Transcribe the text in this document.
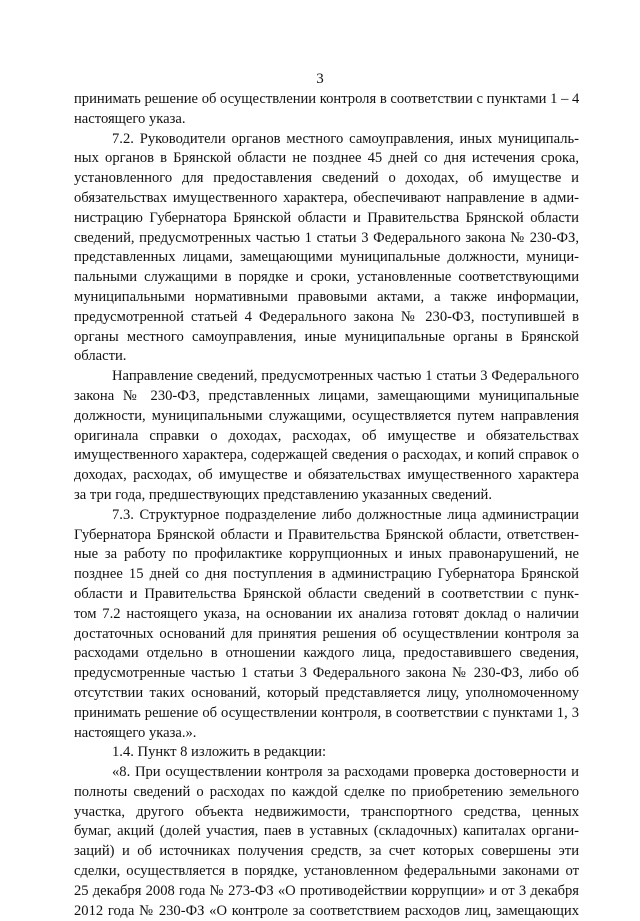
3
принимать решение об осуществлении контроля в соответствии с пунктами 1 – 4
настоящего указа.
7.2. Руководители органов местного самоуправления, иных муниципаль-
ных органов в Брянской области не позднее 45 дней со дня истечения срока,
установленного для предоставления сведений о доходах, об имуществе и
обязательствах имущественного характера, обеспечивают направление в адми-
нистрацию Губернатора Брянской области и Правительства Брянской области
сведений, предусмотренных частью 1 статьи 3 Федерального закона № 230-ФЗ,
представленных лицами, замещающими муниципальные должности, муници-
пальными служащими в порядке и сроки, установленные соответствующими
муниципальными нормативными правовыми актами, а также информации,
предусмотренной статьей 4 Федерального закона № 230-ФЗ, поступившей в
органы местного самоуправления, иные муниципальные органы в Брянской
области.
Направление сведений, предусмотренных частью 1 статьи 3 Федерального
закона № 230-ФЗ, представленных лицами, замещающими муниципальные
должности, муниципальными служащими, осуществляется путем направления
оригинала справки о доходах, расходах, об имуществе и обязательствах
имущественного характера, содержащей сведения о расходах, и копий справок о
доходах, расходах, об имуществе и обязательствах имущественного характера
за три года, предшествующих представлению указанных сведений.
7.3. Структурное подразделение либо должностные лица администрации
Губернатора Брянской области и Правительства Брянской области, ответствен-
ные за работу по профилактике коррупционных и иных правонарушений, не
позднее 15 дней со дня поступления в администрацию Губернатора Брянской
области и Правительства Брянской области сведений в соответствии с пунк-
том 7.2 настоящего указа, на основании их анализа готовят доклад о наличии
достаточных оснований для принятия решения об осуществлении контроля за
расходами отдельно в отношении каждого лица, предоставившего сведения,
предусмотренные частью 1 статьи 3 Федерального закона № 230-ФЗ, либо об
отсутствии таких оснований, который представляется лицу, уполномоченному
принимать решение об осуществлении контроля, в соответствии с пунктами 1, 3
настоящего указа.».
1.4. Пункт 8 изложить в редакции:
«8. При осуществлении контроля за расходами проверка достоверности и
полноты сведений о расходах по каждой сделке по приобретению земельного
участка, другого объекта недвижимости, транспортного средства, ценных
бумаг, акций (долей участия, паев в уставных (складочных) капиталах органи-
заций) и об источниках получения средств, за счет которых совершены эти
сделки, осуществляется в порядке, установленном федеральными законами от
25 декабря 2008 года № 273-ФЗ «О противодействии коррупции» и от 3 декабря
2012 года № 230-ФЗ «О контроле за соответствием расходов лиц, замещающих
